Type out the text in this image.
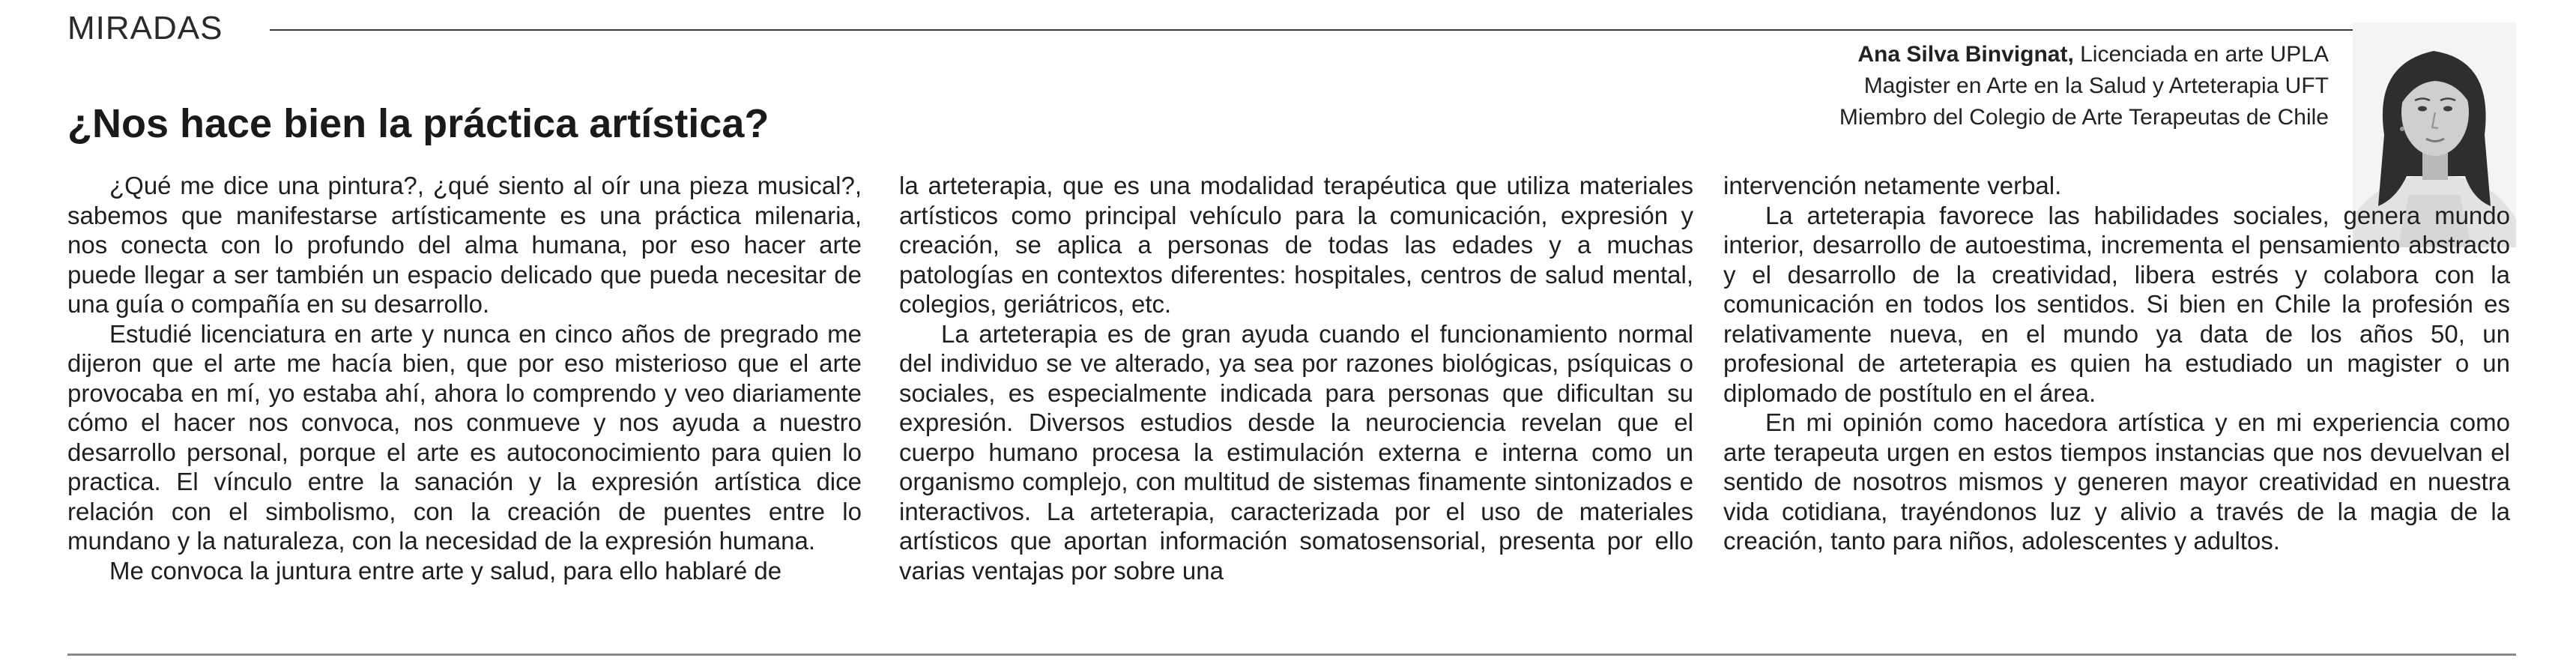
MIRADAS
¿Nos hace bien la práctica artística?
Ana Silva Binvignat, Licenciada en arte UPLA
Magister en Arte en la Salud y Arteterapia UFT
Miembro del Colegio de Arte Terapeutas de Chile

¿Qué me dice una pintura?, ¿qué siento al oír una pieza musical?, sabemos que manifestarse artísticamente es una práctica milenaria, nos conecta con lo profundo del alma humana, por eso hacer arte puede llegar a ser también un espacio delicado que pueda necesitar de una guía o compañía en su desarrollo.

Estudié licenciatura en arte y nunca en cinco años de pregrado me dijeron que el arte me hacía bien, que por eso misterioso que el arte provocaba en mí, yo estaba ahí, ahora lo comprendo y veo diariamente cómo el hacer nos convoca, nos conmueve y nos ayuda a nuestro desarrollo personal, porque el arte es autoconocimiento para quien lo practica. El vínculo entre la sanación y la expresión artística dice relación con el simbolismo, con la creación de puentes entre lo mundano y la naturaleza, con la necesidad de la expresión humana.

Me convoca la juntura entre arte y salud, para ello hablaré de

la arteterapia, que es una modalidad terapéutica que utiliza materiales artísticos como principal vehículo para la comunicación, expresión y creación, se aplica a personas de todas las edades y a muchas patologías en contextos diferentes: hospitales, centros de salud mental, colegios, geriátricos, etc.

La arteterapia es de gran ayuda cuando el funcionamiento normal del individuo se ve alterado, ya sea por razones biológicas, psíquicas o sociales, es especialmente indicada para personas que dificultan su expresión. Diversos estudios desde la neurociencia revelan que el cuerpo humano procesa la estimulación externa e interna como un organismo complejo, con multitud de sistemas finamente sintonizados e interactivos. La arteterapia, caracterizada por el uso de materiales artísticos que aportan información somatosensorial, presenta por ello varias ventajas por sobre una

intervención netamente verbal.

La arteterapia favorece las habilidades sociales, genera mundo interior, desarrollo de autoestima, incrementa el pensamiento abstracto y el desarrollo de la creatividad, libera estrés y colabora con la comunicación en todos los sentidos. Si bien en Chile la profesión es relativamente nueva, en el mundo ya data de los años 50, un profesional de arteterapia es quien ha estudiado un magister o un diplomado de postítulo en el área.

En mi opinión como hacedora artística y en mi experiencia como arte terapeuta urgen en estos tiempos instancias que nos devuelvan el sentido de nosotros mismos y generen mayor creatividad en nuestra vida cotidiana, trayéndonos luz y alivio a través de la magia de la creación, tanto para niños, adolescentes y adultos.
